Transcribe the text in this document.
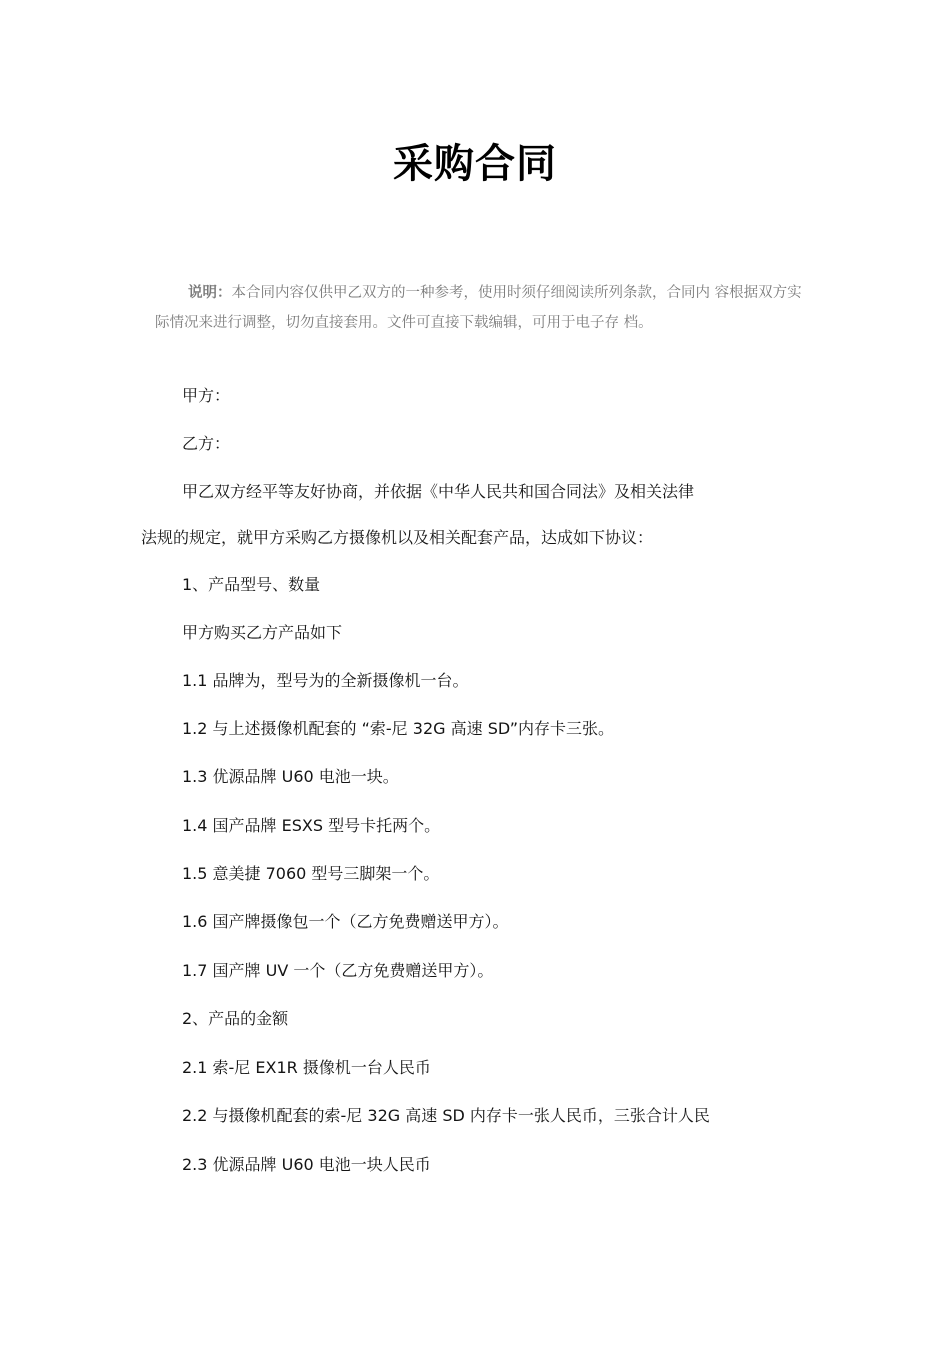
采购合同
说明：本合同内容仅供甲乙双方的一种参考，使用时须仔细阅读所列条款，合同内 容根据双方实际情况来进行调整，切勿直接套用。文件可直接下载编辑，可用于电子存 档。
甲方：
乙方：
甲乙双方经平等友好协商，并依据《中华人民共和国合同法》及相关法律
法规的规定，就甲方采购乙方摄像机以及相关配套产品，达成如下协议：
1、产品型号、数量
甲方购买乙方产品如下
1.1 品牌为，型号为的全新摄像机一台。
1.2 与上述摄像机配套的 “索-尼 32G 高速 SD”内存卡三张。
1.3 优源品牌 U60 电池一块。
1.4 国产品牌 ESXS 型号卡托两个。
1.5 意美捷 7060 型号三脚架一个。
1.6 国产牌摄像包一个（乙方免费赠送甲方）。
1.7 国产牌 UV 一个（乙方免费赠送甲方）。
2、产品的金额
2.1 索-尼 EX1R 摄像机一台人民币
2.2 与摄像机配套的索-尼 32G 高速 SD 内存卡一张人民币，三张合计人民
2.3 优源品牌 U60 电池一块人民币
